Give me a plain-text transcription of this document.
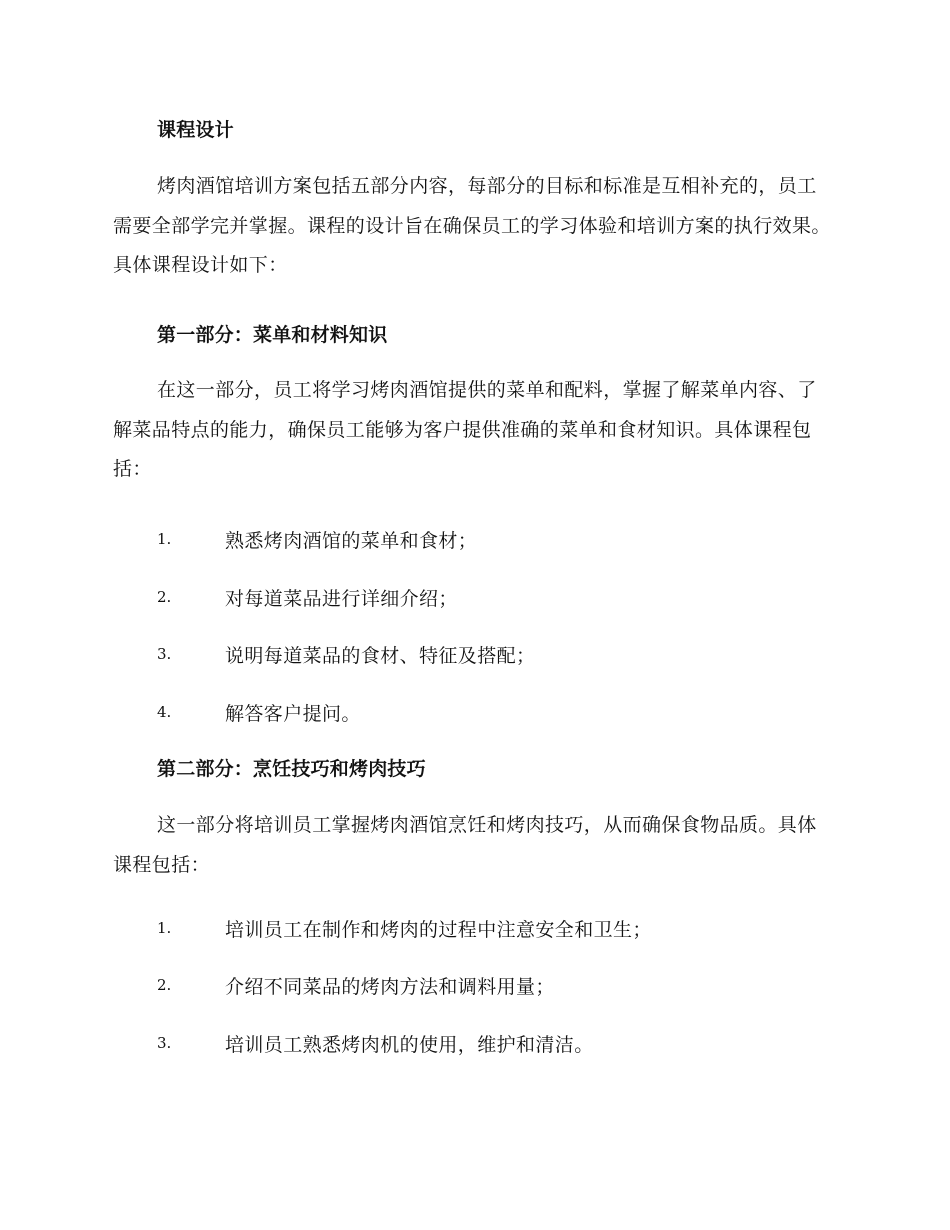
课程设计

烤肉酒馆培训方案包括五部分内容，每部分的目标和标准是互相补充的，员工需要全部学完并掌握。课程的设计旨在确保员工的学习体验和培训方案的执行效果。具体课程设计如下：

第一部分：菜单和材料知识

在这一部分，员工将学习烤肉酒馆提供的菜单和配料，掌握了解菜单内容、了解菜品特点的能力，确保员工能够为客户提供准确的菜单和食材知识。具体课程包括：

1.	熟悉烤肉酒馆的菜单和食材；
2.	对每道菜品进行详细介绍；
3.	说明每道菜品的食材、特征及搭配；
4.	解答客户提问。
第二部分：烹饪技巧和烤肉技巧

这一部分将培训员工掌握烤肉酒馆烹饪和烤肉技巧，从而确保食物品质。具体课程包括：

1.	培训员工在制作和烤肉的过程中注意安全和卫生；
2.	介绍不同菜品的烤肉方法和调料用量；
3.	培训员工熟悉烤肉机的使用，维护和清洁。
